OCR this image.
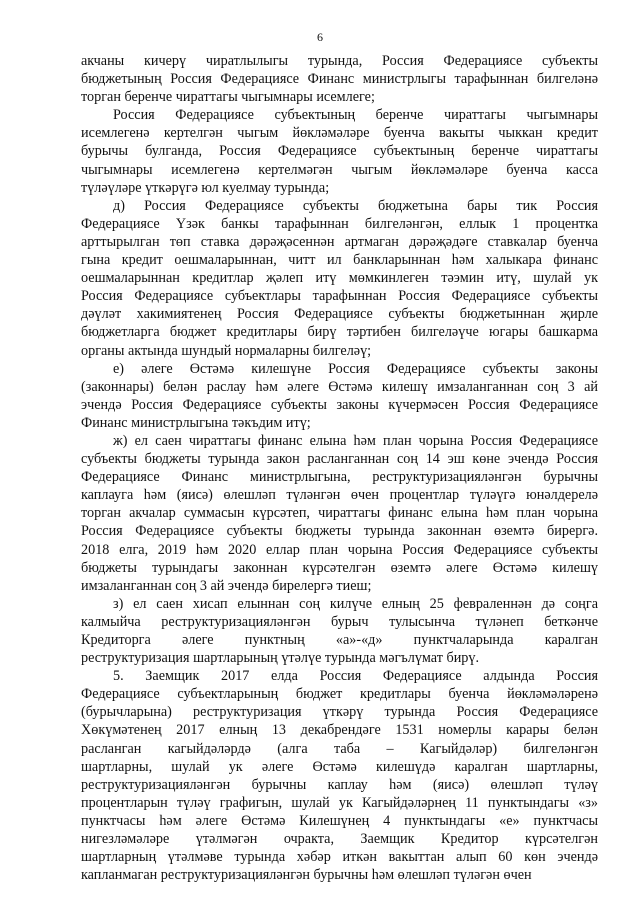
6
акчаны кичерү чиратлылыгы турында, Россия Федерациясе субъекты
бюджетының Россия Федерациясе Финанс министрлыгы тарафыннан билгеләнә
торган беренче чираттагы чыгымнары исемлеге;
Россия Федерациясе субъектының беренче чираттагы чыгымнары
исемлегенә кертелгән чыгым йөкләмәләре буенча вакыты чыккан кредит
бурычы булганда, Россия Федерациясе субъектының беренче чираттагы
чыгымнары исемлегенә кертелмәгән чыгым йөкләмәләре буенча касса
түләүләре үткәрүгә юл куелмау турында;
д) Россия Федерациясе субъекты бюджетына бары тик Россия
Федерациясе Үзәк банкы тарафыннан билгеләнгән, еллык 1 процентка
арттырылган төп ставка дәрәҗәсеннән артмаган дәрәҗәдәге ставкалар буенча
гына кредит оешмаларыннан, читт ил банкларыннан һәм халыкара финанс
оешмаларыннан кредитлар җәлеп итү мөмкинлеген тәэмин итү, шулай ук
Россия Федерациясе субъектлары тарафыннан Россия Федерациясе субъекты
дәүләт хакимиятенең Россия Федерациясе субъекты бюджетыннан җирле
бюджетларга бюджет кредитлары бирү тәртибен билгеләүче югары башкарма
органы актында шундый нормаларны билгеләү;
е) әлеге Өстәмә килешүне Россия Федерациясе субъекты законы
(законнары) белән раслау һәм әлеге Өстәмә килешү имзаланганнан соң 3 ай
эчендә Россия Федерациясе субъекты законы күчермәсен Россия Федерациясе
Финанс министрлыгына тәкъдим итү;
ж) ел саен чираттагы финанс елына һәм план чорына Россия Федерациясе
субъекты бюджеты турында закон расланганнан соң 14 эш көне эчендә Россия
Федерациясе Финанс министрлыгына, реструктуризацияләнгән бурычны
каплауга һәм (яисә) өлешләп түләнгән өчен процентлар түләүгә юнәлдерелә
торган акчалар суммасын күрсәтеп, чираттагы финанс елына һәм план чорына
Россия Федерациясе субъекты бюджеты турында законнан өземтә бирергә.
2018 елга, 2019 һәм 2020 еллар план чорына Россия Федерациясе субъекты
бюджеты турындагы законнан күрсәтелгән өземтә әлеге Өстәмә килешү
имзаланганнан соң 3 ай эчендә бирелергә тиеш;
з) ел саен хисап елыннан соң килүче елның 25 февраленнән дә соңга
калмыйча реструктуризацияләнгән бурыч тулысынча түләнеп беткәнче
Кредиторга әлеге пунктның «а»-«д» пунктчаларында каралган
реструктуризация шартларының үтәлүе турында мәгълүмат бирү.
5. Заемщик 2017 елда Россия Федерациясе алдында Россия
Федерациясе субъектларының бюджет кредитлары буенча йөкләмәләренә
(бурычларына) реструктуризация үткәрү турында Россия Федерациясе
Хөкүмәтенең 2017 елның 13 декабрендәге 1531 номерлы карары белән
расланган кагыйдәләрдә (алга таба – Кагыйдәләр) билгеләнгән
шартларны, шулай ук әлеге Өстәмә килешүдә каралган шартларны,
реструктуризацияләнгән бурычны каплау һәм (яисә) өлешләп түләү
процентларын түләү графигын, шулай ук Кагыйдәләрнең 11 пунктындагы «з»
пунктчасы һәм әлеге Өстәмә Килешүнең 4 пунктындагы «е» пунктчасы
нигезләмәләре үтәлмәгән очракта, Заемщик Кредитор күрсәтелгән
шартларның үтәлмәве турында хәбәр иткән вакыттан алып 60 көн эчендә
капланмаган реструктуризацияләнгән бурычны һәм өлешләп түләгән өчен
